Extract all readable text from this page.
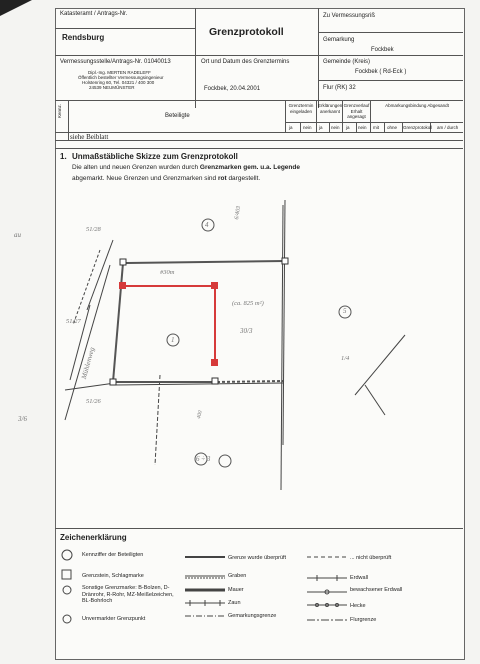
Katasteramt / Antrags-Nr.
Rendsburg	Grenzprotokoll
Zu Vermessungsriß
Gemarkung
Fockbek
Vermessungsstelle/Antrags-Nr. 01040013
Dipl.-Ing. MERTEN RADELEFF
Öffentlich bestellter Vermessungsingenieur
Holstenring 60, Tel. 04321 / 400 300
24539 NEUMÜNSTER
Ort und Datum des Grenztermins
Fockbek, 20.04.2001
Gemeinde (Kreis)
Fockbek ( Rd-Eck )
Flur (RK) 32
Kennz.	Beteiligte
Grenztermin eingeladen
Erklärungen anerkannt
Grenzverlauf Erhalt angesagt
Abmarkungsbindung Abgesandt
ja nein ja nein ja nein mit ohne Grenzprotokoll am / durch
siehe Beiblatt
1. Unmaßstäbliche Skizze zum Grenzprotokoll
Die alten und neuen Grenzen wurden durch Grenzmarken gem. u.a. Legende
abgemarkt. Neue Grenzen und Grenzmarken sind rot dargestellt.
4
6/403
5
1
6 ÷ 3
51/28
51/27
51/26
1/4
30/3
(ca. 825 m²)
#30m
Mühlenweg
400
au
3/6
Zeichenerklärung
Kennziffer der Beteiligten
Grenzstein, Schlagmarke
Sonstige Grenzmarke: B-Bolzen, D-Dränrohr, R-Rohr, MZ-Meißelzeichen, BL-Bohrloch
Unvermarkter Grenzpunkt
Grenze wurde überprüft
Graben
Mauer
Zaun
Gemarkungsgrenze
... nicht überprüft
Erdwall
bewachsener Erdwall
Hecke
Flurgrenze
